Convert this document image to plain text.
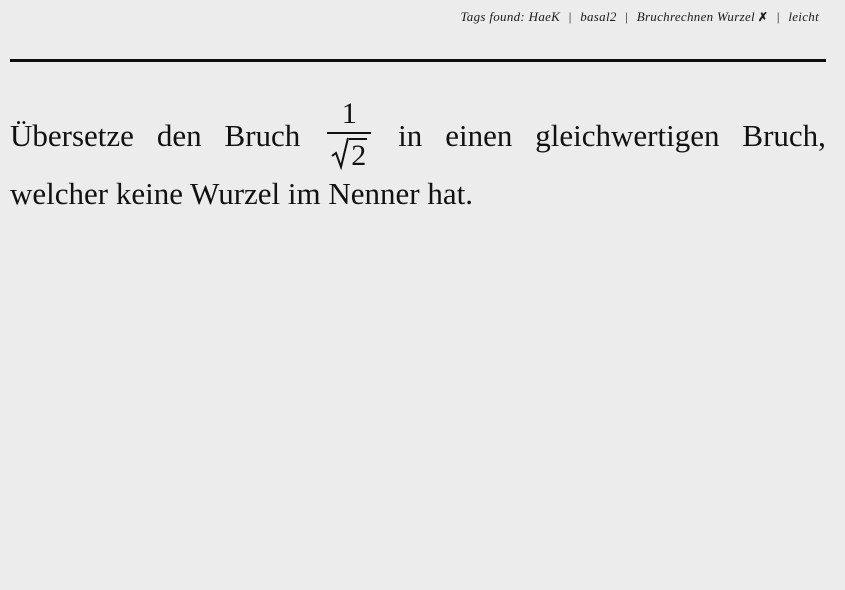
Tags found: HaeK | basal2 | Bruchrechnen Wurzel ✗ | leicht
Übersetze den Bruch $\frac{1}{2}$ in einen gleichwertigen Bruch,
welcher keine Wurzel im Nenner hat.
